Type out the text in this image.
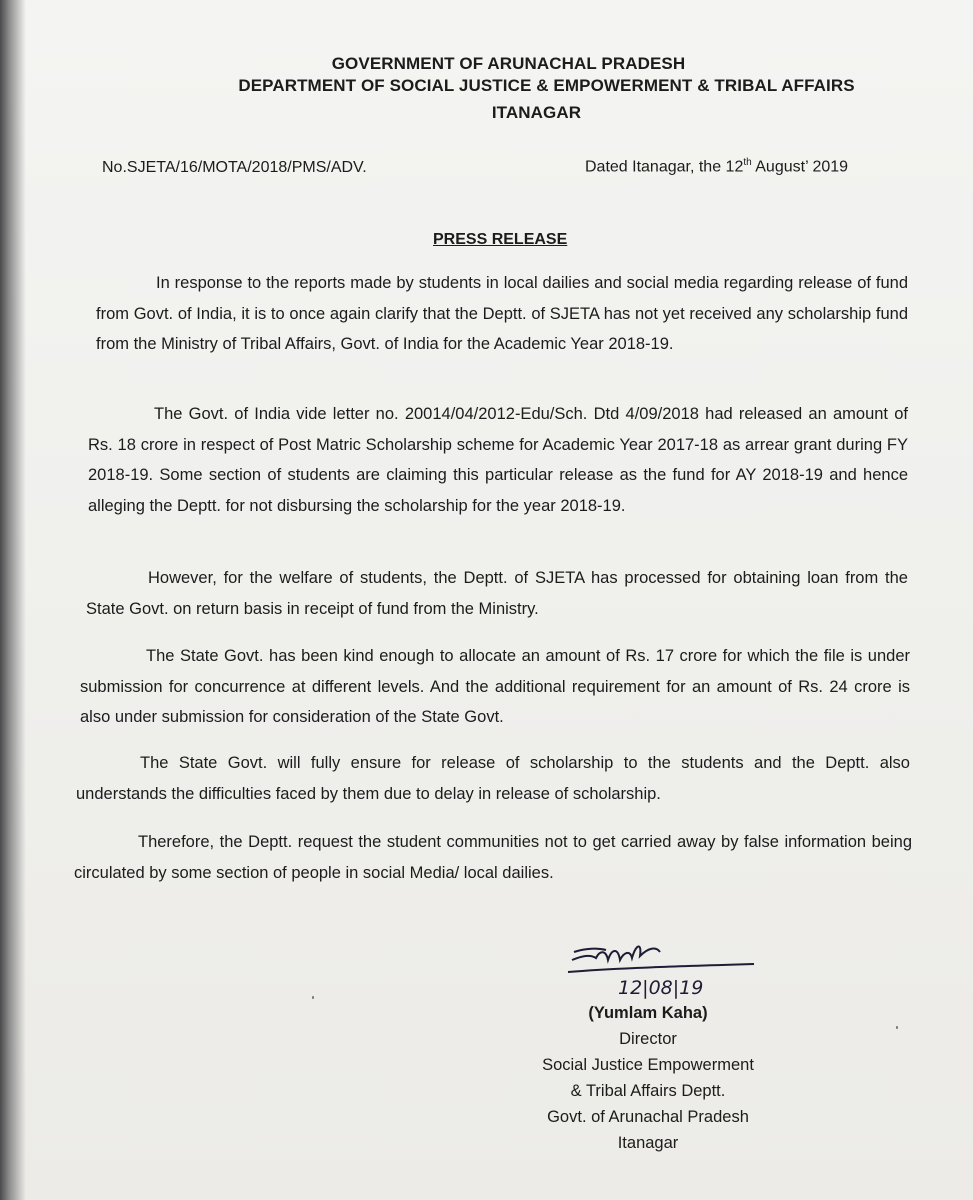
GOVERNMENT OF ARUNACHAL PRADESH
DEPARTMENT OF SOCIAL JUSTICE & EMPOWERMENT & TRIBAL AFFAIRS
ITANAGAR
No.SJETA/16/MOTA/2018/PMS/ADV.	Dated Itanagar, the 12th August’ 2019
PRESS RELEASE

In response to the reports made by students in local dailies and social media regarding release of fund from Govt. of India, it is to once again clarify that the Deptt. of SJETA has not yet received any scholarship fund from the Ministry of Tribal Affairs, Govt. of India for the Academic Year 2018-19.

The Govt. of India vide letter no. 20014/04/2012-Edu/Sch. Dtd 4/09/2018 had released an amount of Rs. 18 crore in respect of Post Matric Scholarship scheme for Academic Year 2017-18 as arrear grant during FY 2018-19. Some section of students are claiming this particular release as the fund for AY 2018-19 and hence alleging the Deptt. for not disbursing the scholarship for the year 2018-19.

However, for the welfare of students, the Deptt. of SJETA has processed for obtaining loan from the State Govt. on return basis in receipt of fund from the Ministry.

The State Govt. has been kind enough to allocate an amount of Rs. 17 crore for which the file is under submission for concurrence at different levels. And the additional requirement for an amount of Rs. 24 crore is also under submission for consideration of the State Govt.

The State Govt. will fully ensure for release of scholarship to the students and the Deptt. also understands the difficulties faced by them due to delay in release of scholarship.

Therefore, the Deptt. request the student communities not to get carried away by false information being circulated by some section of people in social Media/ local dailies.

12|08|19
(Yumlam Kaha)
Director
Social Justice Empowerment
& Tribal Affairs Deptt.
Govt. of Arunachal Pradesh
Itanagar
